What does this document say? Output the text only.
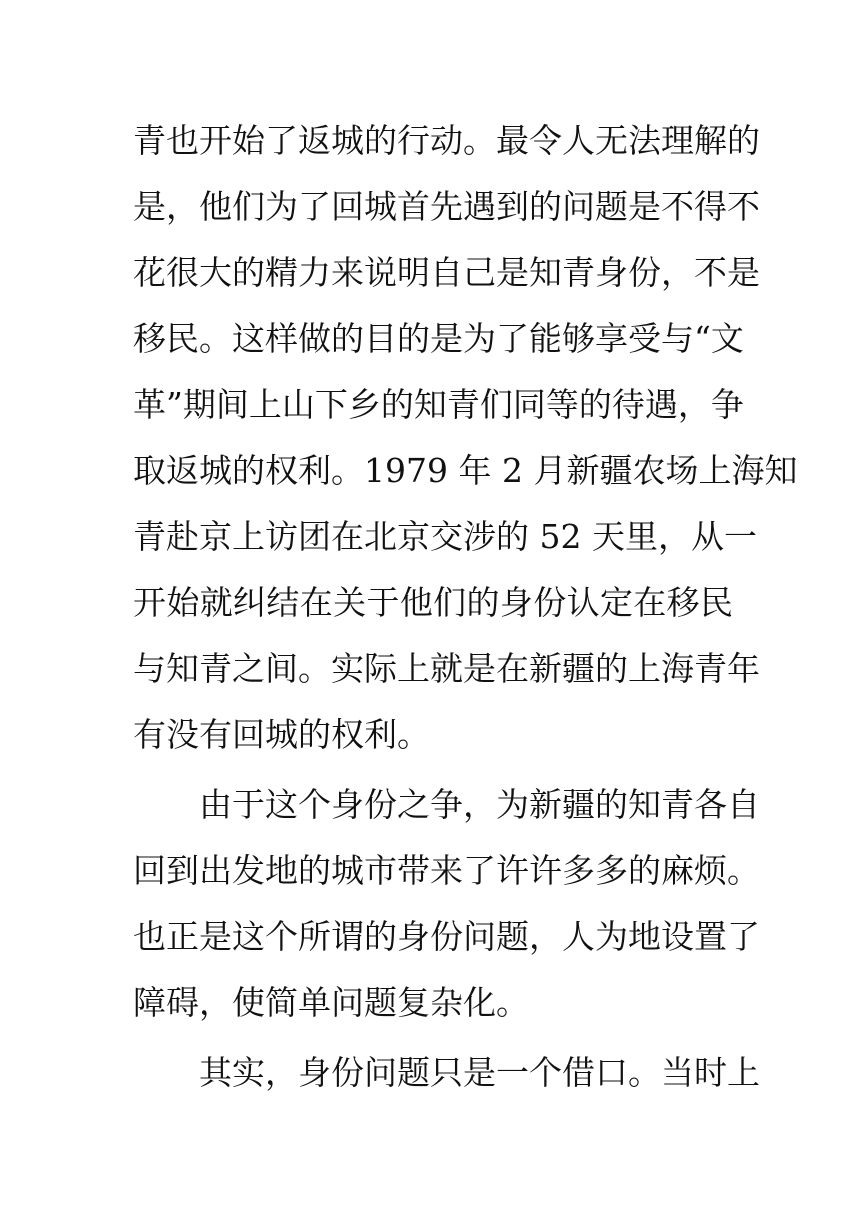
青也开始了返城的行动。最令人无法理解的
是，他们为了回城首先遇到的问题是不得不
花很大的精力来说明自己是知青身份，不是
移民。这样做的目的是为了能够享受与“文
革”期间上山下乡的知青们同等的待遇，争
取返城的权利。1979 年 2 月新疆农场上海知
青赴京上访团在北京交涉的 52 天里，从一
开始就纠结在关于他们的身份认定在移民
与知青之间。实际上就是在新疆的上海青年
有没有回城的权利。
由于这个身份之争，为新疆的知青各自
回到出发地的城市带来了许许多多的麻烦。
也正是这个所谓的身份问题，人为地设置了
障碍，使简单问题复杂化。
其实，身份问题只是一个借口。当时上
